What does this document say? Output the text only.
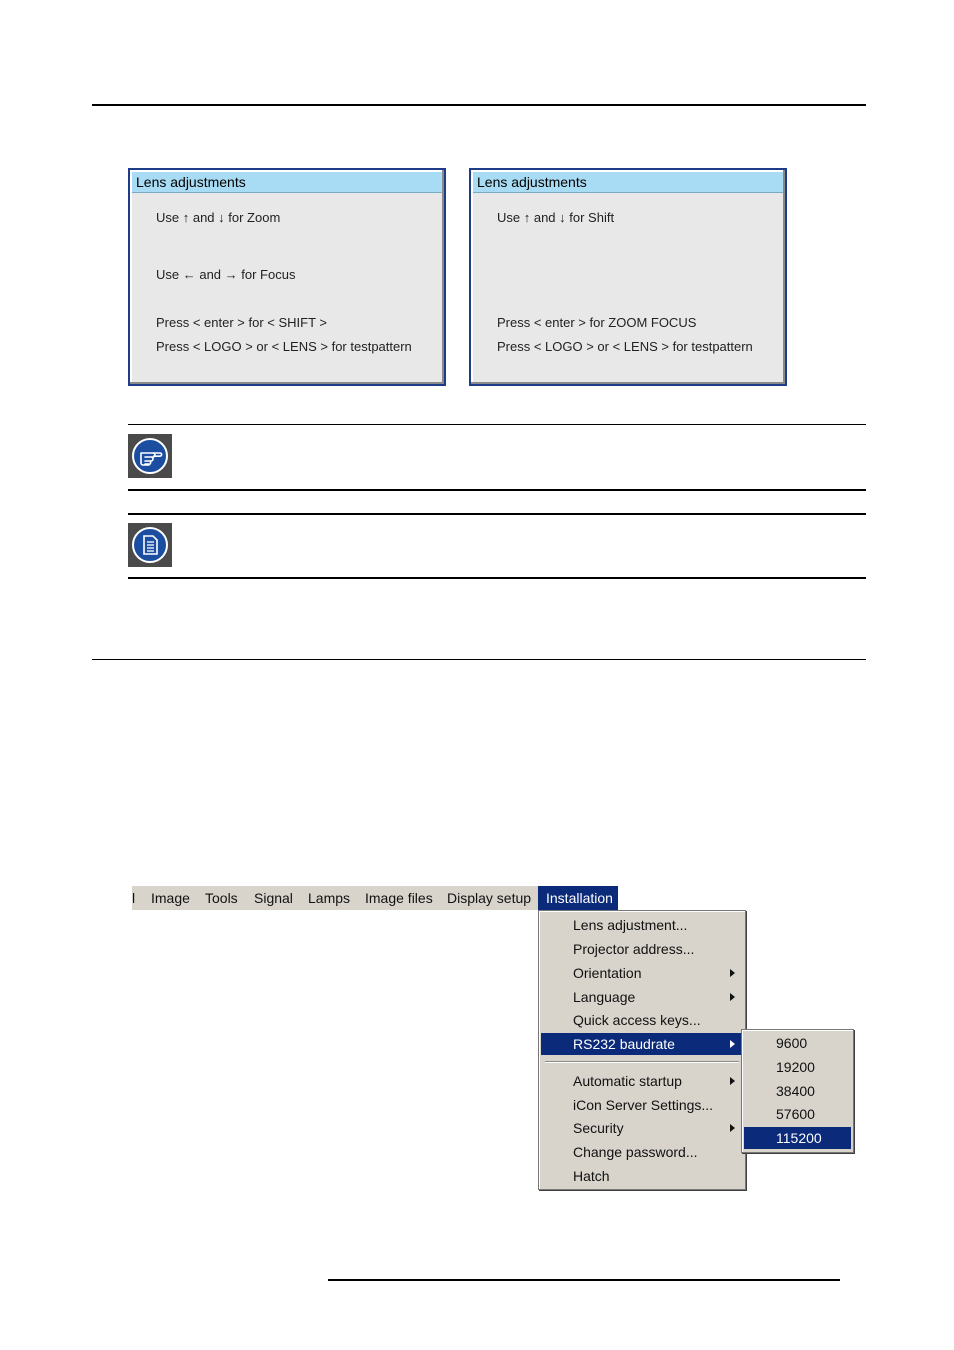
Lens adjustments
Use ↑ and ↓ for Zoom
Use ← and → for Focus
Press < enter > for < SHIFT >
Press < LOGO > or < LENS > for testpattern
Lens adjustments
Use ↑ and ↓ for Shift
Press < enter > for ZOOM FOCUS
Press < LOGO > or < LENS > for testpattern
l Image Tools Signal Lamps Image files Display setup	Installation
Lens adjustment...
Projector address...
Orientation
Language
Quick access keys...
RS232 baudrate
Automatic startup
iCon Server Settings...
Security
Change password...
Hatch
9600
19200
38400
57600
115200
